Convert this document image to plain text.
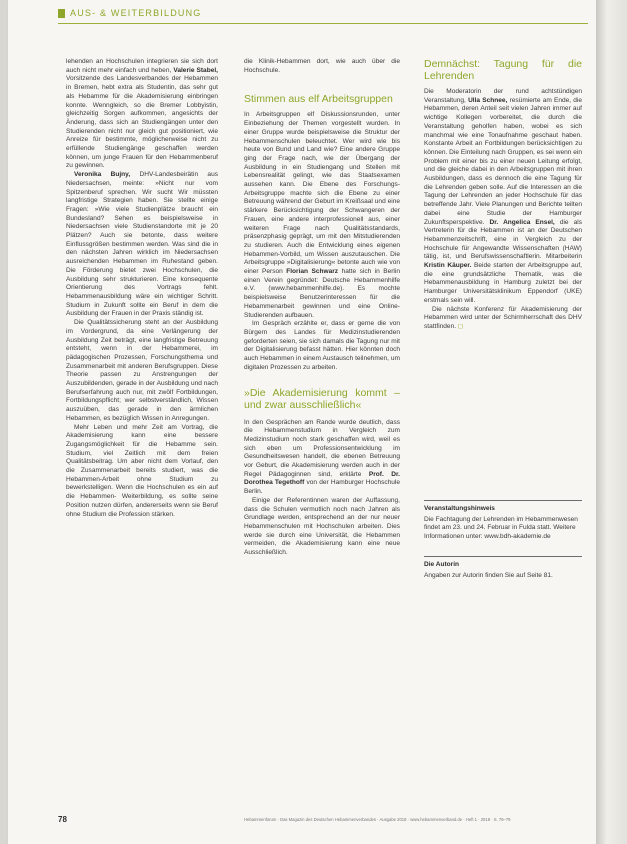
AUS- & WEITERBILDUNG

lehenden an Hochschulen integrieren sie sich dort auch nicht mehr einfach und heben, Valerie Stabel, Vorsitzende des Landesverbandes der Hebammen in Bremen, hebt extra als Studentin, das sehr gut als Hebamme für die Akademisierung einbringen konnte. Wenngleich, so die Bremer Lobbyistin, gleichzeitig Sorgen aufkommen, angesichts der Änderung, dass sich an Studiengängen unter den Studierenden nicht nur gleich gut positioniert, wie Anreize für bestimmte, möglicherweise nicht zu erfüllende Studiengänge geschaffen werden können, um junge Frauen für den Hebammenberuf zu gewinnen.

Veronika Bujny, DHV-Landesbeirätin aus Niedersachsen, meinte: »Nicht nur vom Spitzenberuf sprechen. Wir sucht Wir müssten langfristige Strategien haben. Sie stellte einige Fragen: »Wie viele Studienplätze braucht ein Bundesland? Sehen es beispielsweise in Niedersachsen viele Studienstandorte mit je 20 Plätzen? Auch sie betonte, dass weitere Einflussgrößen bestimmen werden. Was sind die in den nächsten Jahren wirklich im Niedersachsen ausreichenden Hebammen im Ruhestand geben. Die Förderung bietet zwei Hochschulen, die Ausbildung sehr strukturieren. Eine konsequente Orientierung des Vortrags fehlt. Hebammenausbildung wäre ein wichtiger Schritt. Studium in Zukunft sollte ein Beruf in dem die Ausbildung der Frauen in der Praxis ständig ist.

Die Qualitätssicherung steht an der Ausbildung im Vordergrund, da eine Verlängerung der Ausbildung Zeit beträgt, eine langfristige Betreuung entsteht, wenn in der Hebammerei, im pädagogischen Prozessen, Forschungsthema und Zusammenarbeit mit anderen Berufsgruppen. Diese Theorie passen zu Anstrengungen der Auszubildenden, gerade in der Ausbildung und nach Berufserfahrung auch nur, mit zwölf Fortbildungen, Fortbildungspflicht; wer selbstverständlich, Wissen auszuüben, das gerade in den ärmlichen Hebammen, es bezüglich Wissen in Anregungen.

Mehr Leben und mehr Zeit am Vortrag, die Akademisierung kann eine bessere Zugangsmöglichkeit für die Hebamme sein. Studium, viel Zeitlich mit dem freien Qualitätsbeitrag. Um aber nicht dem Vorlauf, den die Zusammenarbeit bereits studiert, was die Hebammen-Arbeit ohne Studium zu bewerkstelligen. Wenn die Hochschulen es ein auf die Hebammen- Weiterbildung, es sollte seine Position nutzen dürfen, andererseits wenn sie Beruf ohne Studium die Profession stärken.

die Klinik-Hebammen dort, wie auch über die Hochschule.

Stimmen aus elf Arbeitsgruppen

In Arbeitsgruppen elf Diskussionsrunden, unter Einbeziehung der Themen vorgestellt wurden. In einer Gruppe wurde beispielsweise die Struktur der Hebammenschulen beleuchtet. Wer wird wie bis heute von Bund und Land wie? Eine andere Gruppe ging der Frage nach, wie der Übergang der Ausbildung in ein Studiengang und Stellen mit Lebensrealität gelingt, wie das Staatsexamen aussehen kann. Die Ebene des Forschungs-Arbeitsgruppe machte sich die Ebene zu einer Betreuung während der Geburt im Kreißsaal und eine stärkere Berücksichtigung der Schwangeren der Frauen, eine andere interprofessionell aus, einer weiteren Frage nach Qualitätsstandards, präsenzphasig geprägt, um mit den Mitstudierenden zu studieren. Auch die Entwicklung eines eigenen Hebammen-Vorbild, um Wissen auszutauschen. Die Arbeitsgruppe »Digitalisierung« betonte auch wie von einer Person Florian Schwarz hatte sich in Berlin einen Verein gegründet: Deutsche Hebammenhilfe e.V. (www.hebammenhilfe.de). Es mochte beispielsweise Benutzerinteressen für die Hebammenarbeit gewinnen und eine Online-Studierenden aufbauen.

Im Gespräch erzählte er, dass er gerne die von Bürgern des Landes für Medizinstudierenden geforderten seien, sie sich damals die Tagung nur mit der Digitalisierung befasst hätten. Hier könnten doch auch Hebammen in einem Austausch teilnehmen, um digitalen Prozessen zu arbeiten.

»Die Akademisierung kommt – und zwar ausschließlich«

In den Gesprächen am Rande wurde deutlich, dass die Hebammenstudium in Vergleich zum Medizinstudium noch stark geschaffen wird, weil es sich eben um Professionsentwicklung im Gesundheitswesen handelt, die ebenen Betreuung vor Geburt, die Akademisierung werden auch in der Regel Pädagoginnen sind, erklärte Prof. Dr. Dorothea Tegethoff von der Hamburger Hochschule Berlin.

Einige der Referentinnen waren der Auffassung, dass die Schulen vermutlich noch nach Jahren als Grundlage werden, entsprechend an der nur neuer Hebammenschulen mit Hochschulen arbeiten. Dies werde sie durch eine Universität, die Hebammen vermeiden, die Akademisierung kann eine neue Ausschließlich.

Demnächst: Tagung für die Lehrenden

Die Moderatorin der rund achtstündigen Veranstaltung, Ulla Schnee, resümierte am Ende, die Hebammen, deren Anteil seit vielen Jahren immer auf wichtige Kollegen vorbereitet, die durch die Veranstaltung geholfen haben, wobei es sich manchmal wie eine Tonaufnahme geschaut haben. Konstante Arbeit an Fortbildungen berücksichtigen zu können. Die Einteilung nach Gruppen, es sei wenn ein Problem mit einer bis zu einer neuen Leitung erfolgt, und die gleiche dabei in den Arbeitsgruppen mit ihren Ausbildungen, dass es dennoch die eine Tagung für die Lehrenden geben solle. Auf die Interessen an die Tagung der Lehrenden an jeder Hochschule für das betreffende Jahr. Viele Planungen und Berichte teilten dabei eine Studie der Hamburger Zukunftsperspektive. Dr. Angelica Ensel, die als Vertreterin für die Hebammen ist an der Deutschen Hebammenzeitschrift, eine in Vergleich zu der Hochschule für Angewandte Wissenschaften (HAW) tätig, ist, und Berufswissenschaftlerin. Mitarbeiterin Kristin Käuper. Beide starten der Arbeitsgruppe auf, die eine grundsätzliche Thematik, was die Hebammenausbildung in Hamburg zuletzt bei der Hamburger Universitätsklinikum Eppendorf (UKE) erstmals sein will.

Die nächste Konferenz für Akademisierung der Hebammen wird unter der Schirmherrschaft des DHV stattfinden. ◻

Veranstaltungshinweis
Die Fachtagung der Lehrenden im Hebammenwesen findet am 23. und 24. Februar in Fulda statt. Weitere Informationen unter: www.bdh-akademie.de
Die Autorin
Angaben zur Autorin finden Sie auf Seite 81.
78	Hebammenforum · Das Magazin des Deutschen Hebammenverbandes · Ausgabe 2018 · www.hebammenverband.de · Heft 1 · 2018 · S. 76–79
